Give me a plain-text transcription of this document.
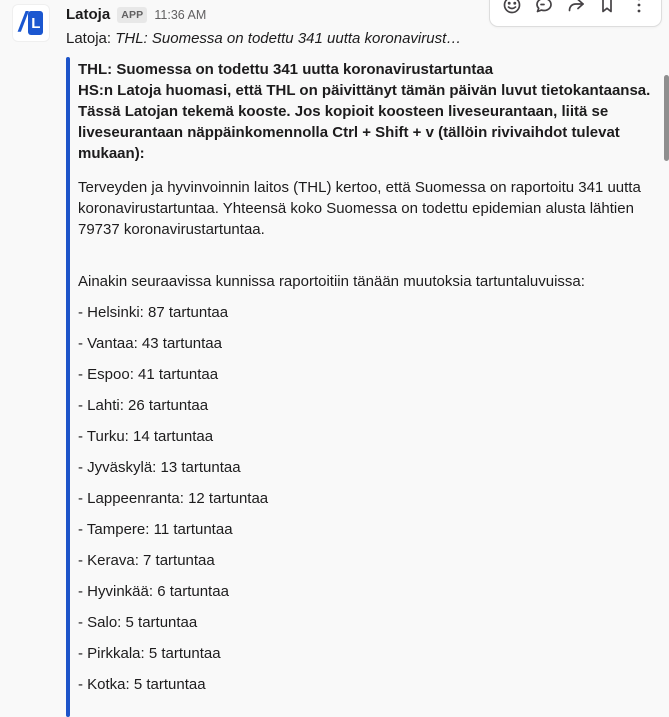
/ L Latoja	APP 11:36 AM
Latoja: THL: Suomessa on todettu 341 uutta koronavirust…
THL: Suomessa on todettu 341 uutta koronavirustartuntaa
HS:n Latoja huomasi, että THL on päivittänyt tämän päivän luvut tietokantaansa. Tässä Latojan tekemä kooste. Jos kopioit koosteen liveseurantaan, liitä se liveseurantaan näppäinkomennolla Ctrl + Shift + v (tällöin rivivaihdot tulevat mukaan):
Terveyden ja hyvinvoinnin laitos (THL) kertoo, että Suomessa on raportoitu 341 uutta koronavirustartuntaa. Yhteensä koko Suomessa on todettu epidemian alusta lähtien 79737 koronavirustartuntaa.
Ainakin seuraavissa kunnissa raportoitiin tänään muutoksia tartuntaluvuissa:
- Helsinki: 87 tartuntaa
- Vantaa: 43 tartuntaa
- Espoo: 41 tartuntaa
- Lahti: 26 tartuntaa
- Turku: 14 tartuntaa
- Jyväskylä: 13 tartuntaa
- Lappeenranta: 12 tartuntaa
- Tampere: 11 tartuntaa
- Kerava: 7 tartuntaa
- Hyvinkää: 6 tartuntaa
- Salo: 5 tartuntaa
- Pirkkala: 5 tartuntaa
- Kotka: 5 tartuntaa
